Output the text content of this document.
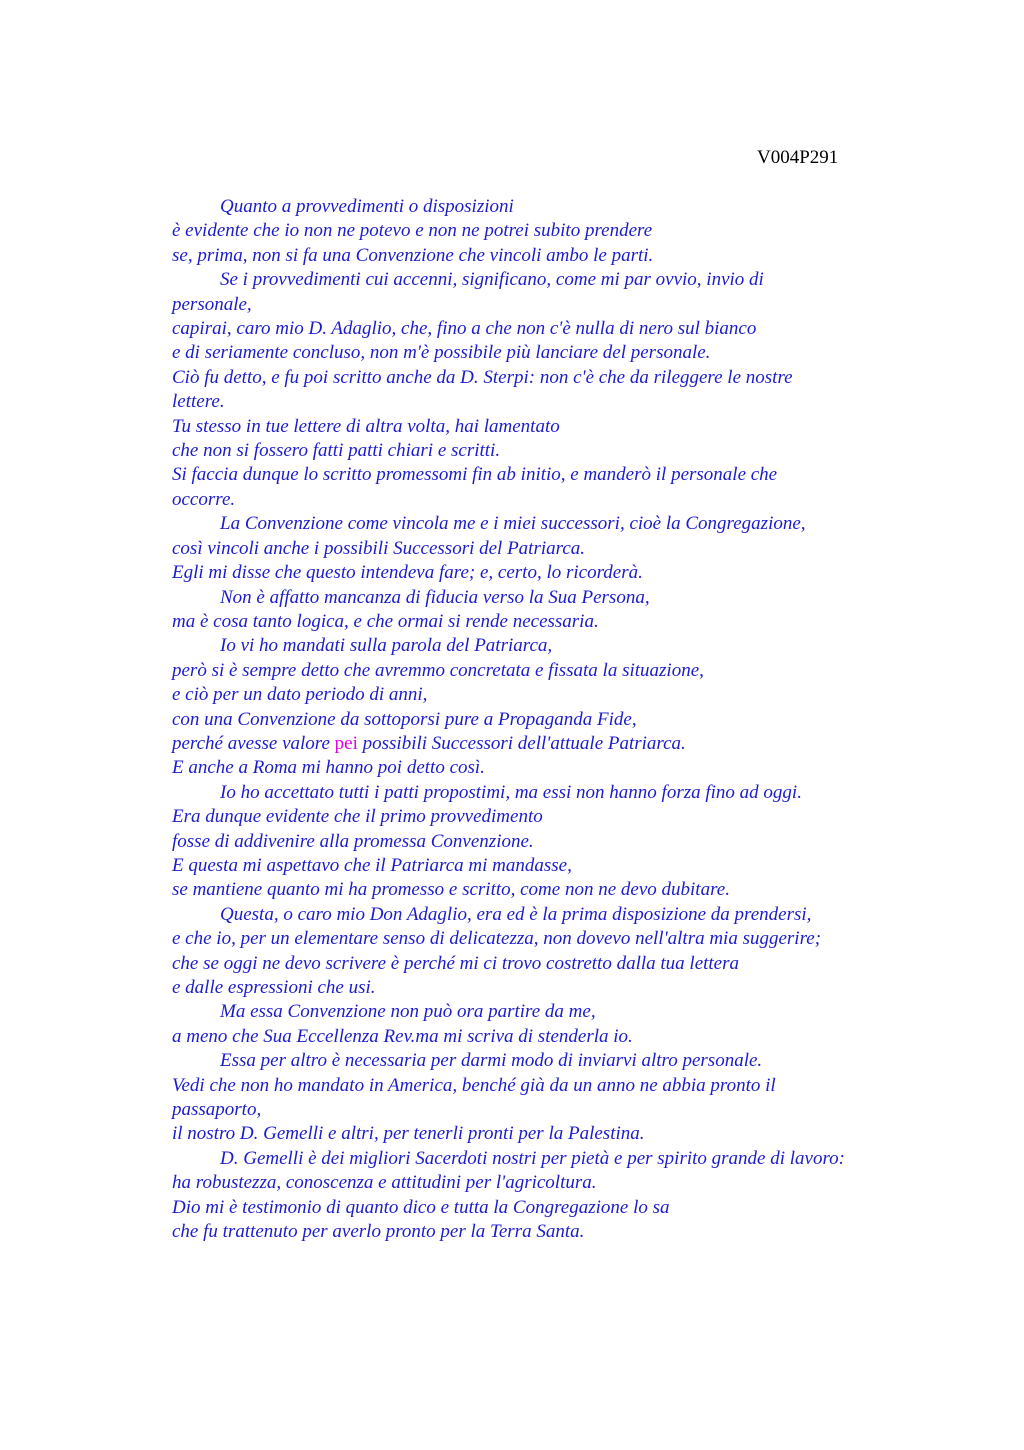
V004P291
Quanto a provvedimenti o disposizioni
è evidente che io non ne potevo e non ne potrei subito prendere
se, prima, non si fa una Convenzione che vincoli ambo le parti.
Se i provvedimenti cui accenni, significano, come mi par ovvio, invio di
personale,
capirai, caro mio D. Adaglio, che, fino a che non c'è nulla di nero sul bianco
e di seriamente concluso, non m'è possibile più lanciare del personale.
Ciò fu detto, e fu poi scritto anche da D. Sterpi: non c'è che da rileggere le nostre
lettere.
Tu stesso in tue lettere di altra volta, hai lamentato
che non si fossero fatti patti chiari e scritti.
Si faccia dunque lo scritto promessomi fin ab initio, e manderò il personale che
occorre.
La Convenzione come vincola me e i miei successori, cioè la Congregazione,
così vincoli anche i possibili Successori del Patriarca.
Egli mi disse che questo intendeva fare; e, certo, lo ricorderà.
Non è affatto mancanza di fiducia verso la Sua Persona,
ma è cosa tanto logica, e che ormai si rende necessaria.
Io vi ho mandati sulla parola del Patriarca,
però si è sempre detto che avremmo concretata e fissata la situazione,
e ciò per un dato periodo di anni,
con una Convenzione da sottoporsi pure a Propaganda Fide,
perché avesse valore pei possibili Successori dell'attuale Patriarca.
E anche a Roma mi hanno poi detto così.
Io ho accettato tutti i patti propostimi, ma essi non hanno forza fino ad oggi.
Era dunque evidente che il primo provvedimento
fosse di addivenire alla promessa Convenzione.
E questa mi aspettavo che il Patriarca mi mandasse,
se mantiene quanto mi ha promesso e scritto, come non ne devo dubitare.
Questa, o caro mio Don Adaglio, era ed è la prima disposizione da prendersi,
e che io, per un elementare senso di delicatezza, non dovevo nell'altra mia suggerire;
che se oggi ne devo scrivere è perché mi ci trovo costretto dalla tua lettera
e dalle espressioni che usi.
Ma essa Convenzione non può ora partire da me,
a meno che Sua Eccellenza Rev.ma mi scriva di stenderla io.
Essa per altro è necessaria per darmi modo di inviarvi altro personale.
Vedi che non ho mandato in America, benché già da un anno ne abbia pronto il
passaporto,
il nostro D. Gemelli e altri, per tenerli pronti per la Palestina.
D. Gemelli è dei migliori Sacerdoti nostri per pietà e per spirito grande di lavoro:
ha robustezza, conoscenza e attitudini per l'agricoltura.
Dio mi è testimonio di quanto dico e tutta la Congregazione lo sa
che fu trattenuto per averlo pronto per la Terra Santa.
